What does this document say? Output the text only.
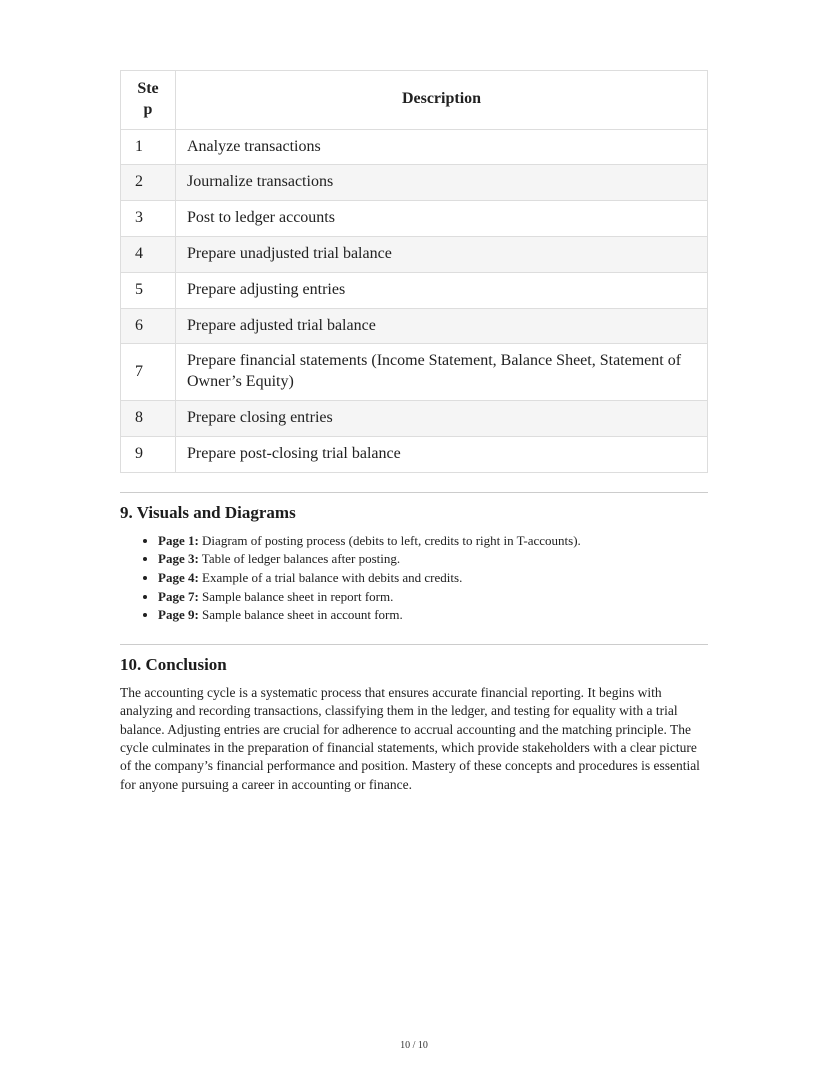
Step	Description
1	Analyze transactions
2	Journalize transactions
3	Post to ledger accounts
4	Prepare unadjusted trial balance
5	Prepare adjusting entries
6	Prepare adjusted trial balance
7	Prepare financial statements (Income Statement, Balance Sheet, Statement of Owner’s Equity)
8	Prepare closing entries
9	Prepare post-closing trial balance
9. Visuals and Diagrams
• Page 1: Diagram of posting process (debits to left, credits to right in T-accounts).
• Page 3: Table of ledger balances after posting.
• Page 4: Example of a trial balance with debits and credits.
• Page 7: Sample balance sheet in report form.
• Page 9: Sample balance sheet in account form.
10. Conclusion

The accounting cycle is a systematic process that ensures accurate financial reporting. It begins with analyzing and recording transactions, classifying them in the ledger, and testing for equality with a trial balance. Adjusting entries are crucial for adherence to accrual accounting and the matching principle. The cycle culminates in the preparation of financial statements, which provide stakeholders with a clear picture of the company’s financial performance and position. Mastery of these concepts and procedures is essential for anyone pursuing a career in accounting or finance.

10 / 10
